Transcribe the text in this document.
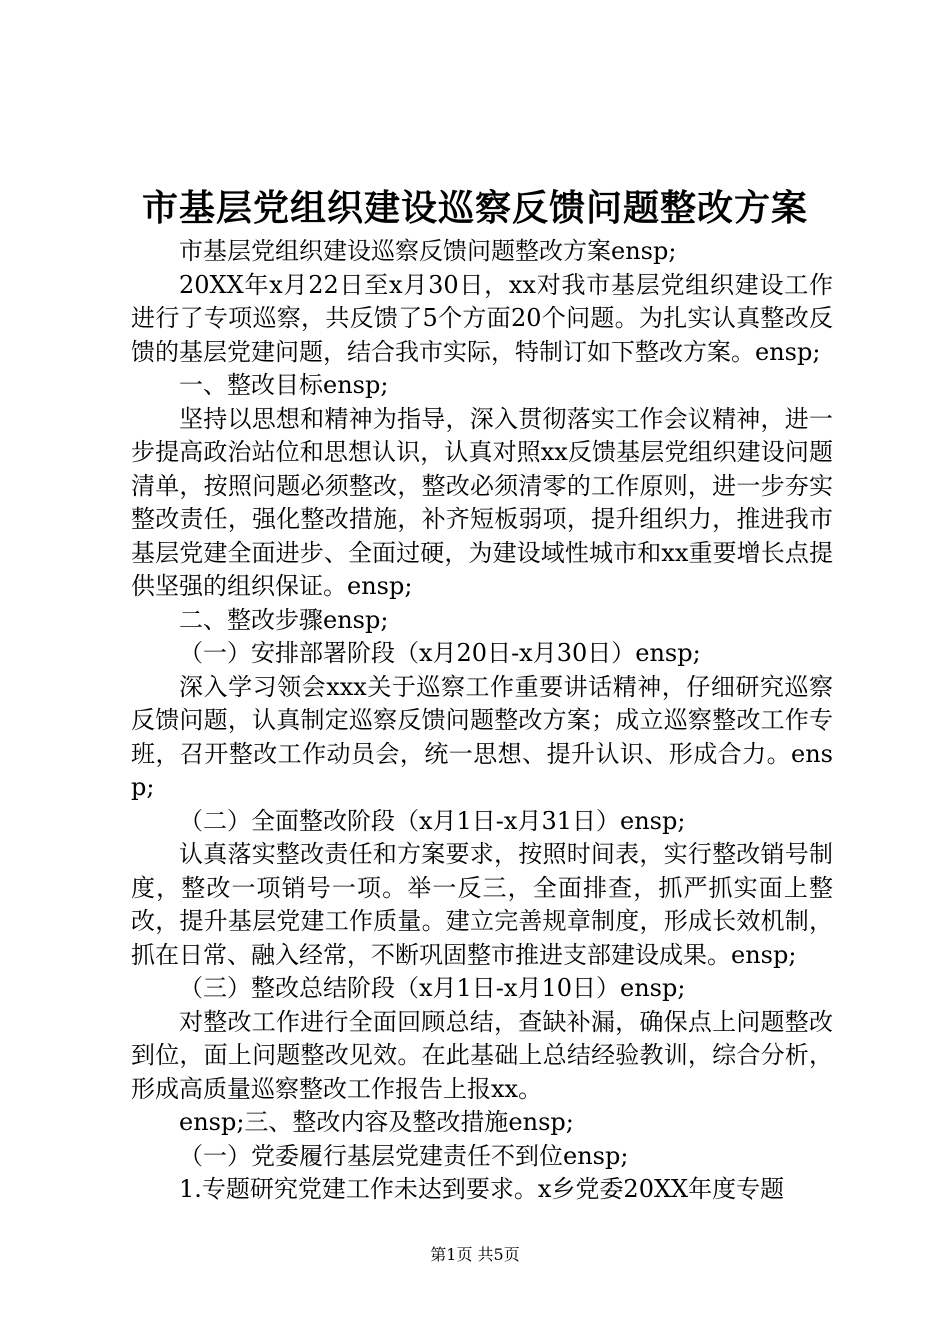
市基层党组织建设巡察反馈问题整改方案

市基层党组织建设巡察反馈问题整改方案ensp;

20XX年x月22日至x月30日，xx对我市基层党组织建设工作进行了专项巡察，共反馈了5个方面20个问题。为扎实认真整改反馈的基层党建问题，结合我市实际，特制订如下整改方案。ensp;

一、整改目标ensp;

坚持以思想和精神为指导，深入贯彻落实工作会议精神，进一步提高政治站位和思想认识，认真对照xx反馈基层党组织建设问题清单，按照问题必须整改，整改必须清零的工作原则，进一步夯实整改责任，强化整改措施，补齐短板弱项，提升组织力，推进我市基层党建全面进步、全面过硬，为建设域性城市和xx重要增长点提供坚强的组织保证。ensp;

二、整改步骤ensp;

（一）安排部署阶段（x月20日-x月30日）ensp;

深入学习领会xxx关于巡察工作重要讲话精神，仔细研究巡察反馈问题，认真制定巡察反馈问题整改方案；成立巡察整改工作专班，召开整改工作动员会，统一思想、提升认识、形成合力。ensp;

（二）全面整改阶段（x月1日-x月31日）ensp;

认真落实整改责任和方案要求，按照时间表，实行整改销号制度，整改一项销号一项。举一反三，全面排查，抓严抓实面上整改，提升基层党建工作质量。建立完善规章制度，形成长效机制，抓在日常、融入经常，不断巩固整市推进支部建设成果。ensp;

（三）整改总结阶段（x月1日-x月10日）ensp;

对整改工作进行全面回顾总结，查缺补漏，确保点上问题整改到位，面上问题整改见效。在此基础上总结经验教训，综合分析，形成高质量巡察整改工作报告上报xx。

ensp;三、整改内容及整改措施ensp;

（一）党委履行基层党建责任不到位ensp;

1.专题研究党建工作未达到要求。x乡党委20XX年度专题

第1页 共5页
